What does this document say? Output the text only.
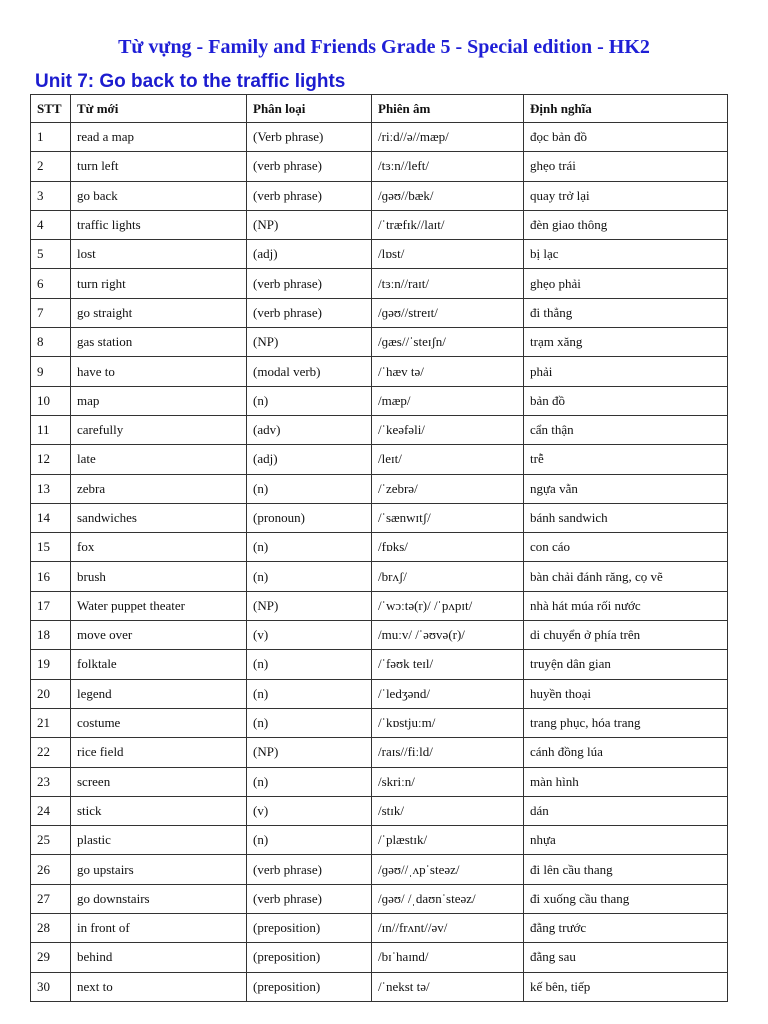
Từ vựng - Family and Friends Grade 5 - Special edition - HK2
Unit 7: Go back to the traffic lights
STT	Từ mới	Phân loại	Phiên âm	Định nghĩa
1	read a map	(Verb phrase)	/riːd//ə//mæp/	đọc bản đồ
2	turn left	(verb phrase)	/tɜːn//left/	ghẹo trái
3	go back	(verb phrase)	/ɡəʊ//bæk/	quay trở lại
4	traffic lights	(NP)	/ˈtræfɪk//laɪt/	đèn giao thông
5	lost	(adj)	/lɒst/	bị lạc
6	turn right	(verb phrase)	/tɜːn//raɪt/	ghẹo phải
7	go straight	(verb phrase)	/ɡəʊ//streɪt/	đi thẳng
8	gas station	(NP)	/ɡæs//ˈsteɪʃn/	trạm xăng
9	have to	(modal verb)	/ˈhæv tə/	phải
10	map	(n)	/mæp/	bản đồ
11	carefully	(adv)	/ˈkeəfəli/	cẩn thận
12	late	(adj)	/leɪt/	trễ
13	zebra	(n)	/ˈzebrə/	ngựa vằn
14	sandwiches	(pronoun)	/ˈsænwɪtʃ/	bánh sandwich
15	fox	(n)	/fɒks/	con cáo
16	brush	(n)	/brʌʃ/	bàn chải đánh răng, cọ vẽ
17	Water puppet theater	(NP)	/ˈwɔːtə(r)/ /ˈpʌpɪt/	nhà hát múa rối nước
18	move over	(v)	/muːv/ /ˈəʊvə(r)/	di chuyển ở phía trên
19	folktale	(n)	/ˈfəʊk teɪl/	truyện dân gian
20	legend	(n)	/ˈledʒənd/	huyền thoại
21	costume	(n)	/ˈkɒstjuːm/	trang phục, hóa trang
22	rice field	(NP)	/raɪs//fiːld/	cánh đồng lúa
23	screen	(n)	/skriːn/	màn hình
24	stick	(v)	/stɪk/	dán
25	plastic	(n)	/ˈplæstɪk/	nhựa
26	go upstairs	(verb phrase)	/ɡəʊ//ˌʌpˈsteəz/	đi lên cầu thang
27	go downstairs	(verb phrase)	/ɡəʊ/ /ˌdaʊnˈsteəz/	đi xuống cầu thang
28	in front of	(preposition)	/ɪn//frʌnt//əv/	đằng trước
29	behind	(preposition)	/bɪˈhaɪnd/	đằng sau
30	next to	(preposition)	/ˈnekst tə/	kế bên, tiếp
